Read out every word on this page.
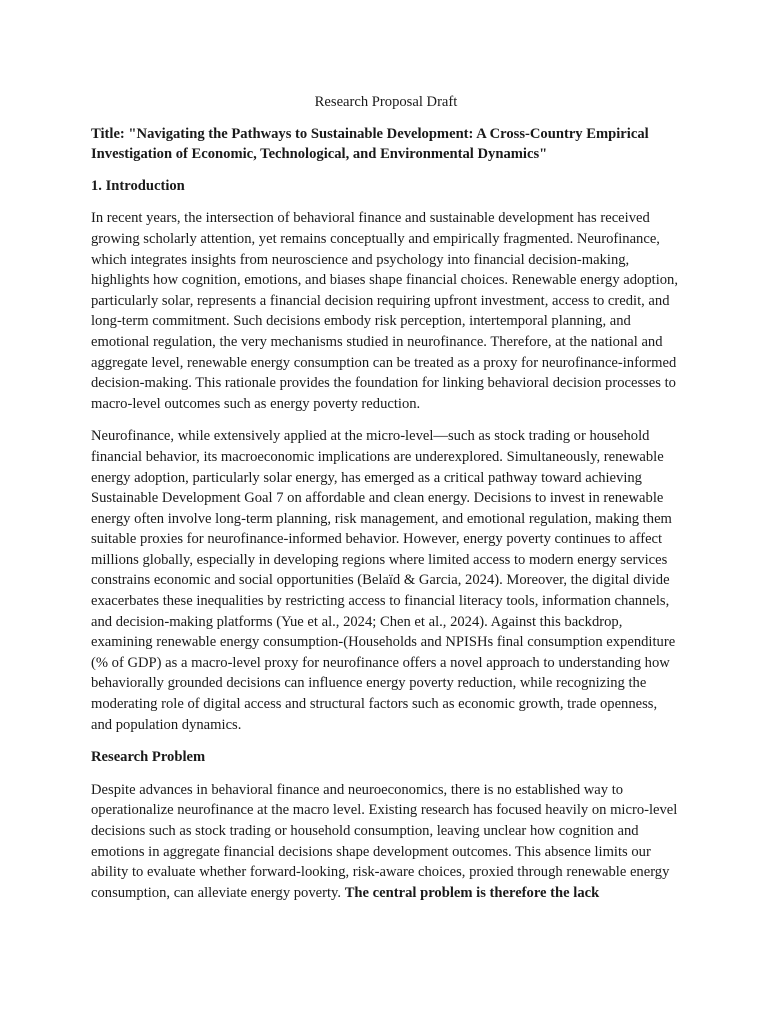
Research Proposal Draft
Title: "Navigating the Pathways to Sustainable Development: A Cross-Country Empirical Investigation of Economic, Technological, and Environmental Dynamics"
1. Introduction

In recent years, the intersection of behavioral finance and sustainable development has received growing scholarly attention, yet remains conceptually and empirically fragmented. Neurofinance, which integrates insights from neuroscience and psychology into financial decision-making, highlights how cognition, emotions, and biases shape financial choices. Renewable energy adoption, particularly solar, represents a financial decision requiring upfront investment, access to credit, and long-term commitment. Such decisions embody risk perception, intertemporal planning, and emotional regulation, the very mechanisms studied in neurofinance. Therefore, at the national and aggregate level, renewable energy consumption can be treated as a proxy for neurofinance-informed decision-making. This rationale provides the foundation for linking behavioral decision processes to macro-level outcomes such as energy poverty reduction.

Neurofinance, while extensively applied at the micro-level—such as stock trading or household financial behavior, its macroeconomic implications are underexplored. Simultaneously, renewable energy adoption, particularly solar energy, has emerged as a critical pathway toward achieving Sustainable Development Goal 7 on affordable and clean energy. Decisions to invest in renewable energy often involve long-term planning, risk management, and emotional regulation, making them suitable proxies for neurofinance-informed behavior. However, energy poverty continues to affect millions globally, especially in developing regions where limited access to modern energy services constrains economic and social opportunities (Belaïd & Garcia, 2024). Moreover, the digital divide exacerbates these inequalities by restricting access to financial literacy tools, information channels, and decision-making platforms (Yue et al., 2024; Chen et al., 2024). Against this backdrop, examining renewable energy consumption-(Households and NPISHs final consumption expenditure (% of GDP) as a macro-level proxy for neurofinance offers a novel approach to understanding how behaviorally grounded decisions can influence energy poverty reduction, while recognizing the moderating role of digital access and structural factors such as economic growth, trade openness, and population dynamics.

Research Problem

Despite advances in behavioral finance and neuroeconomics, there is no established way to operationalize neurofinance at the macro level. Existing research has focused heavily on micro-level decisions such as stock trading or household consumption, leaving unclear how cognition and emotions in aggregate financial decisions shape development outcomes. This absence limits our ability to evaluate whether forward-looking, risk-aware choices, proxied through renewable energy consumption, can alleviate energy poverty. The central problem is therefore the lack
